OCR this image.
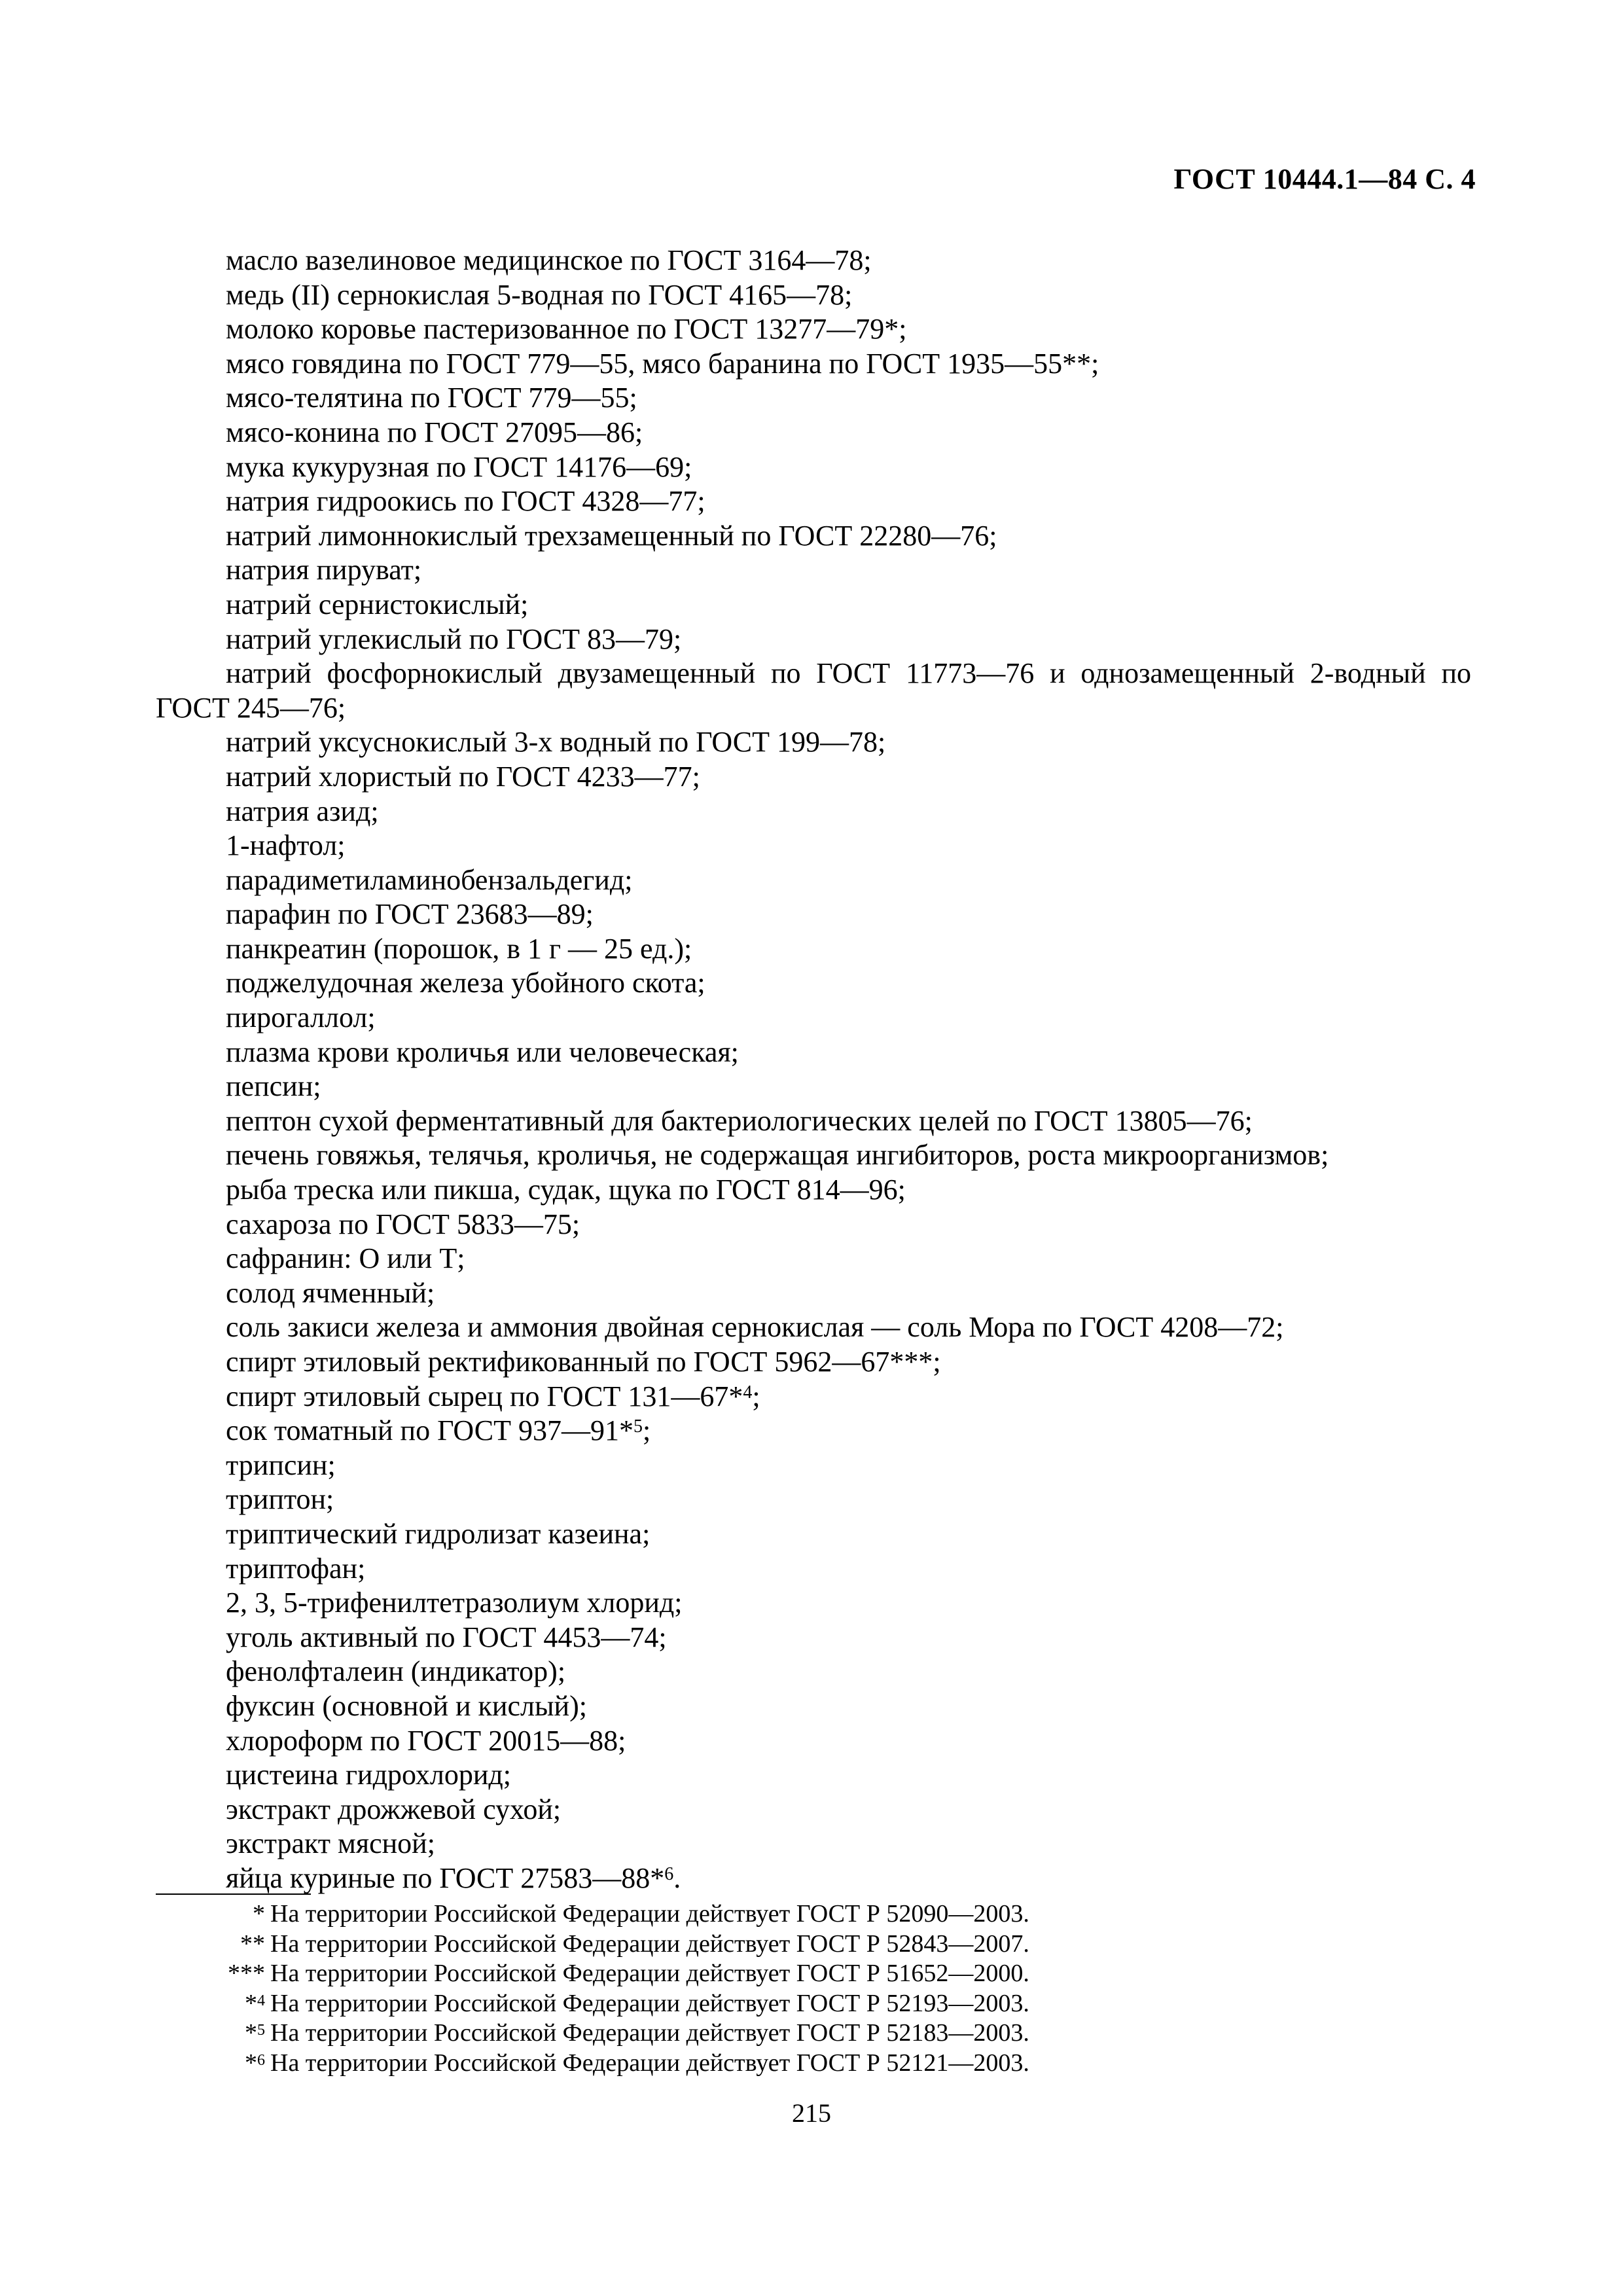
ГОСТ 10444.1—84 С. 4
масло вазелиновое медицинское по ГОСТ 3164—78;
медь (II) сернокислая 5-водная по ГОСТ 4165—78;
молоко коровье пастеризованное по ГОСТ 13277—79*;
мясо говядина по ГОСТ 779—55, мясо баранина по ГОСТ 1935—55**;
мясо-телятина по ГОСТ 779—55;
мясо-конина по ГОСТ 27095—86;
мука кукурузная по ГОСТ 14176—69;
натрия гидроокись по ГОСТ 4328—77;
натрий лимоннокислый трехзамещенный по ГОСТ 22280—76;
натрия пируват;
натрий сернистокислый;
натрий углекислый по ГОСТ 83—79;
натрий фосфорнокислый двузамещенный по ГОСТ 11773—76 и однозамещенный 2-водный по ГОСТ 245—76;
натрий уксуснокислый 3-х водный по ГОСТ 199—78;
натрий хлористый по ГОСТ 4233—77;
натрия азид;
1-нафтол;
парадиметиламинобензальдегид;
парафин по ГОСТ 23683—89;
панкреатин (порошок, в 1 г — 25 ед.);
поджелудочная железа убойного скота;
пирогаллол;
плазма крови кроличья или человеческая;
пепсин;
пептон сухой ферментативный для бактериологических целей по ГОСТ 13805—76;
печень говяжья, телячья, кроличья, не содержащая ингибиторов, роста микроорганизмов;
рыба треска или пикша, судак, щука по ГОСТ 814—96;
сахароза по ГОСТ 5833—75;
сафранин: О или Т;
солод ячменный;
соль закиси железа и аммония двойная сернокислая — соль Мора по ГОСТ 4208—72;
спирт этиловый ректификованный по ГОСТ 5962—67***;
спирт этиловый сырец по ГОСТ 131—67*$^4$;
сок томатный по ГОСТ 937—91*$^5$;
трипсин;
триптон;
триптический гидролизат казеина;
триптофан;
2, 3, 5-трифенилтетразолиум хлорид;
уголь активный по ГОСТ 4453—74;
фенолфталеин (индикатор);
фуксин (основной и кислый);
хлороформ по ГОСТ 20015—88;
цистеина гидрохлорид;
экстракт дрожжевой сухой;
экстракт мясной;
яйца куриные по ГОСТ 27583—88*$^6$.
* На территории Российской Федерации действует ГОСТ Р 52090—2003.
** На территории Российской Федерации действует ГОСТ Р 52843—2007.
*** На территории Российской Федерации действует ГОСТ Р 51652—2000.
*$^4$ На территории Российской Федерации действует ГОСТ Р 52193—2003.
*$^5$ На территории Российской Федерации действует ГОСТ Р 52183—2003.
*$^6$ На территории Российской Федерации действует ГОСТ Р 52121—2003.
215
